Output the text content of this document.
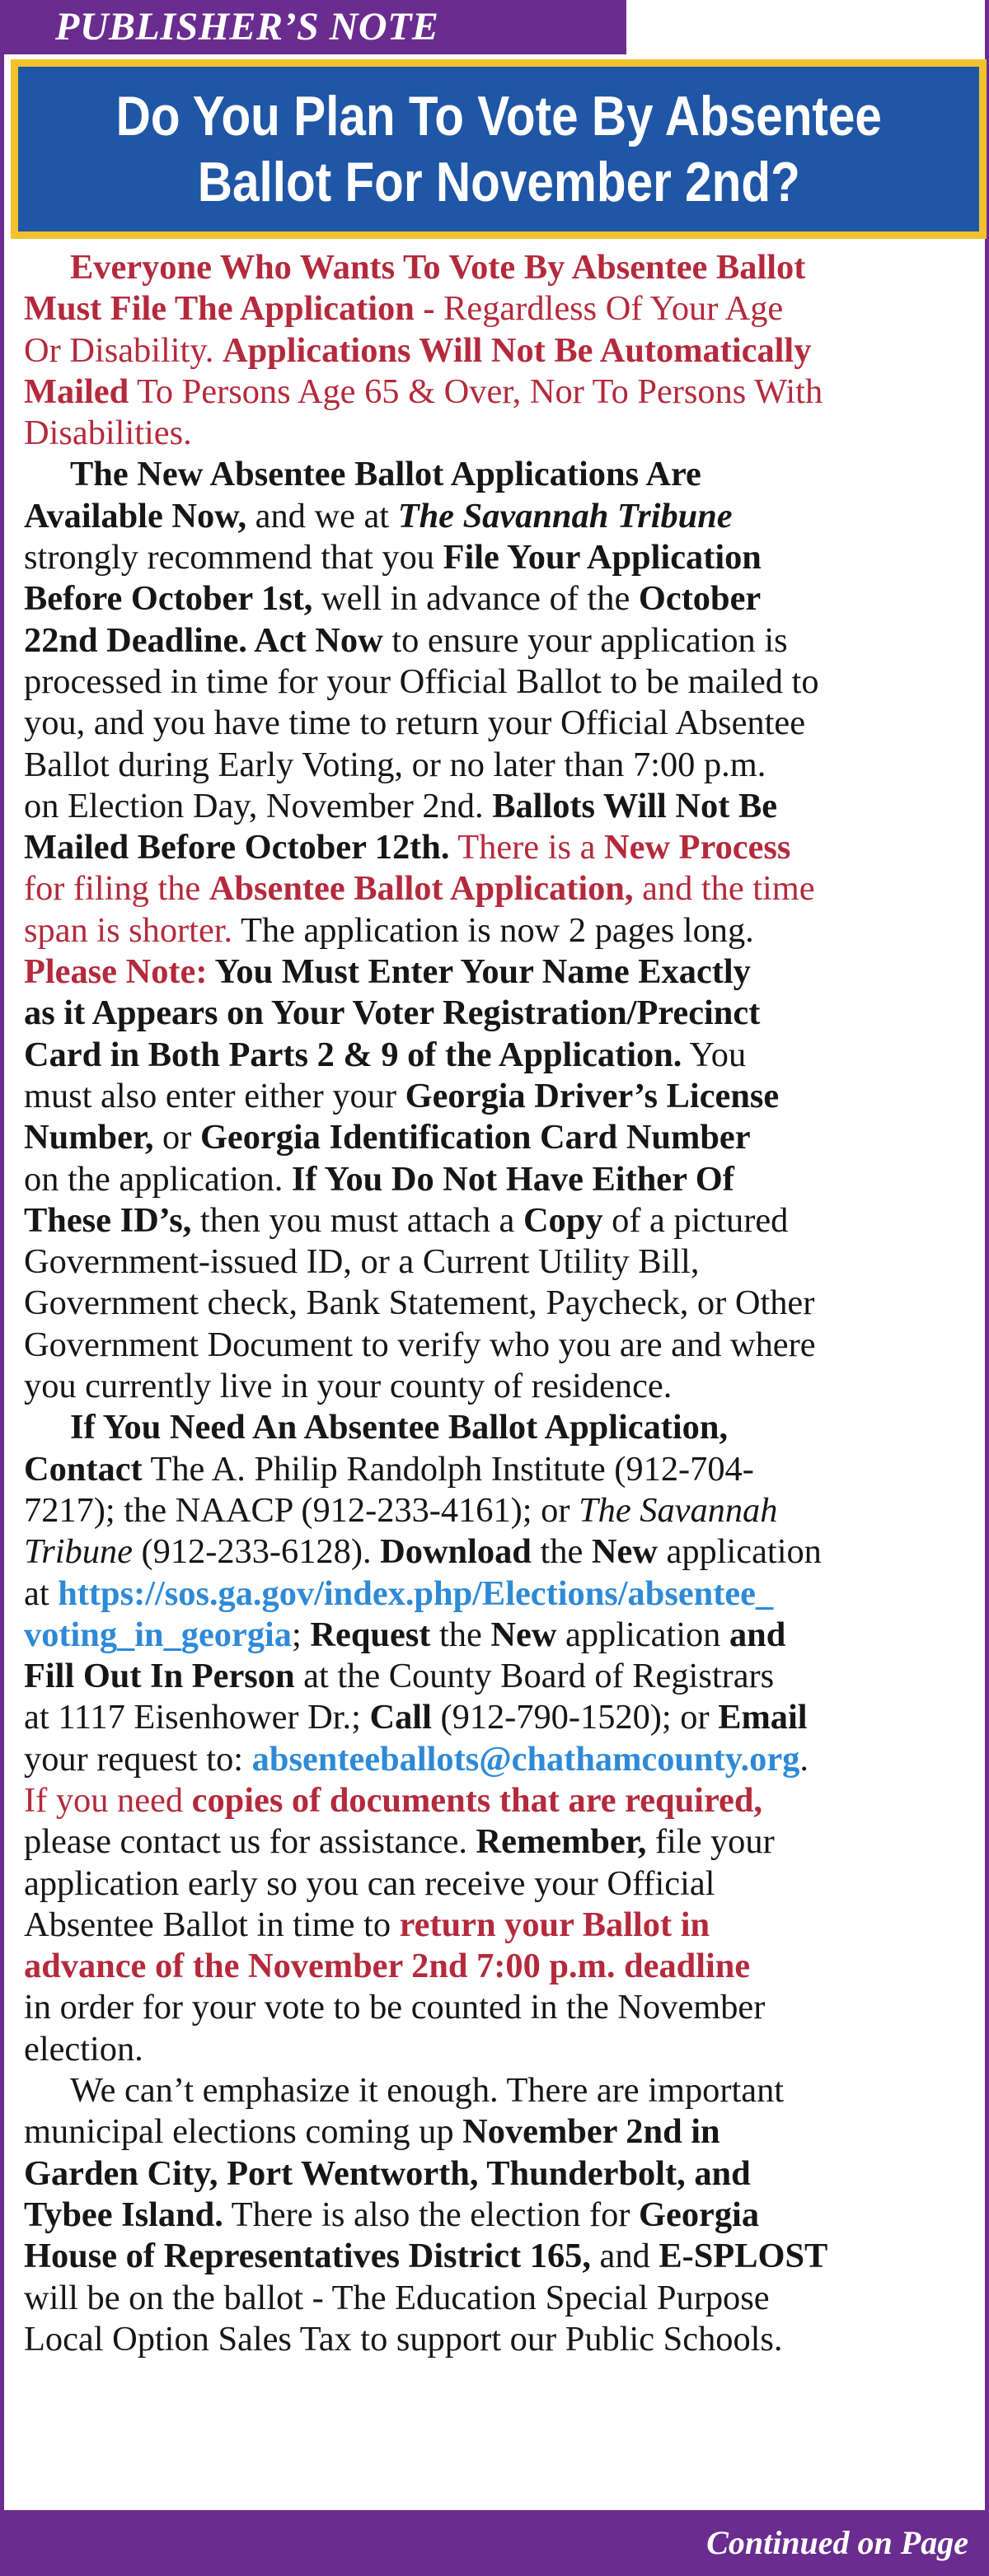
PUBLISHER’S NOTE
Do You Plan To Vote By Absentee
Ballot For November 2nd?
Everyone Who Wants To Vote By Absentee Ballot
Must File The Application - Regardless Of Your Age
Or Disability. Applications Will Not Be Automatically
Mailed To Persons Age 65 & Over, Nor To Persons With
Disabilities.
The New Absentee Ballot Applications Are
Available Now, and we at The Savannah Tribune
strongly recommend that you File Your Application
Before October 1st, well in advance of the October
22nd Deadline. Act Now to ensure your application is
processed in time for your Official Ballot to be mailed to
you, and you have time to return your Official Absentee
Ballot during Early Voting, or no later than 7:00 p.m.
on Election Day, November 2nd. Ballots Will Not Be
Mailed Before October 12th. There is a New Process
for filing the Absentee Ballot Application, and the time
span is shorter. The application is now 2 pages long.
Please Note: You Must Enter Your Name Exactly
as it Appears on Your Voter Registration/Precinct
Card in Both Parts 2 & 9 of the Application. You
must also enter either your Georgia Driver’s License
Number, or Georgia Identification Card Number
on the application. If You Do Not Have Either Of
These ID’s, then you must attach a Copy of a pictured
Government-issued ID, or a Current Utility Bill,
Government check, Bank Statement, Paycheck, or Other
Government Document to verify who you are and where
you currently live in your county of residence.
If You Need An Absentee Ballot Application,
Contact The A. Philip Randolph Institute (912-704-
7217); the NAACP (912-233-4161); or The Savannah
Tribune (912-233-6128). Download the New application
at https://sos.ga.gov/index.php/Elections/absentee_
voting_in_georgia; Request the New application and
Fill Out In Person at the County Board of Registrars
at 1117 Eisenhower Dr.; Call (912-790-1520); or Email
your request to: absenteeballots@chathamcounty.org.
If you need copies of documents that are required,
please contact us for assistance. Remember, file your
application early so you can receive your Official
Absentee Ballot in time to return your Ballot in
advance of the November 2nd 7:00 p.m. deadline
in order for your vote to be counted in the November
election.
We can’t emphasize it enough. There are important
municipal elections coming up November 2nd in
Garden City, Port Wentworth, Thunderbolt, and
Tybee Island. There is also the election for Georgia
House of Representatives District 165, and E-SPLOST
will be on the ballot - The Education Special Purpose
Local Option Sales Tax to support our Public Schools.
Continued on Page
